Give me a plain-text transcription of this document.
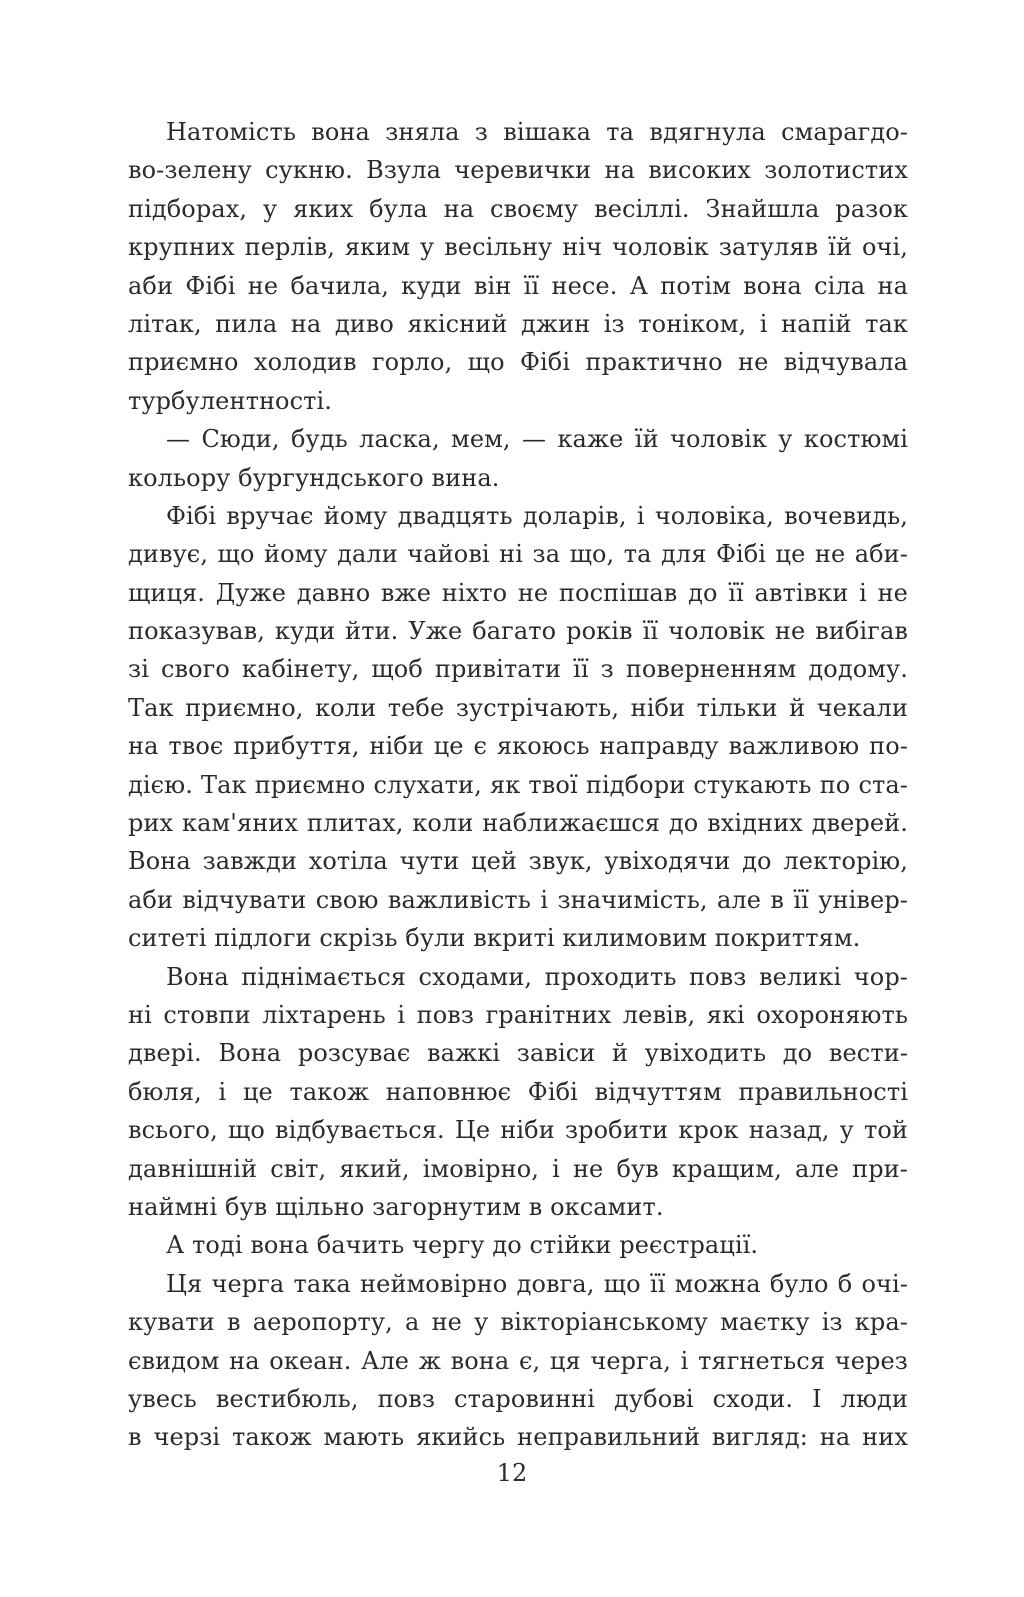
Натомість вона зняла з вішака та вдягнула смарагдо-
во-зелену сукню. Взула черевички на високих золотистих
підборах, у яких була на своєму весіллі. Знайшла разок
крупних перлів, яким у весільну ніч чоловік затуляв їй очі,
аби Фібі не бачила, куди він її несе. А потім вона сіла на
літак, пила на диво якісний джин із тоніком, і напій так
приємно холодив горло, що Фібі практично не відчувала
турбулентності.
— Сюди, будь ласка, мем, — каже їй чоловік у костюмі
кольору бургундського вина.
Фібі вручає йому двадцять доларів, і чоловіка, вочевидь,
дивує, що йому дали чайові ні за що, та для Фібі це не аби-
щиця. Дуже давно вже ніхто не поспішав до її автівки і не
показував, куди йти. Уже багато років її чоловік не вибігав
зі свого кабінету, щоб привітати її з поверненням додому.
Так приємно, коли тебе зустрічають, ніби тільки й чекали
на твоє прибуття, ніби це є якоюсь направду важливою по-
дією. Так приємно слухати, як твої підбори стукають по ста-
рих кам'яних плитах, коли наближаєшся до вхідних дверей.
Вона завжди хотіла чути цей звук, увіходячи до лекторію,
аби відчувати свою важливість і значимість, але в її універ-
ситеті підлоги скрізь були вкриті килимовим покриттям.
Вона піднімається сходами, проходить повз великі чор-
ні стовпи ліхтарень і повз гранітних левів, які охороняють
двері. Вона розсуває важкі завіси й увіходить до вести-
бюля, і це також наповнює Фібі відчуттям правильності
всього, що відбувається. Це ніби зробити крок назад, у той
давнішній світ, який, імовірно, і не був кращим, але при-
наймні був щільно загорнутим в оксамит.
А тоді вона бачить чергу до стійки реєстрації.
Ця черга така неймовірно довга, що її можна було б очі-
кувати в аеропорту, а не у вікторіанському маєтку із кра-
євидом на океан. Але ж вона є, ця черга, і тягнеться через
увесь вестибюль, повз старовинні дубові сходи. І люди
в черзі також мають якийсь неправильний вигляд: на них
12
